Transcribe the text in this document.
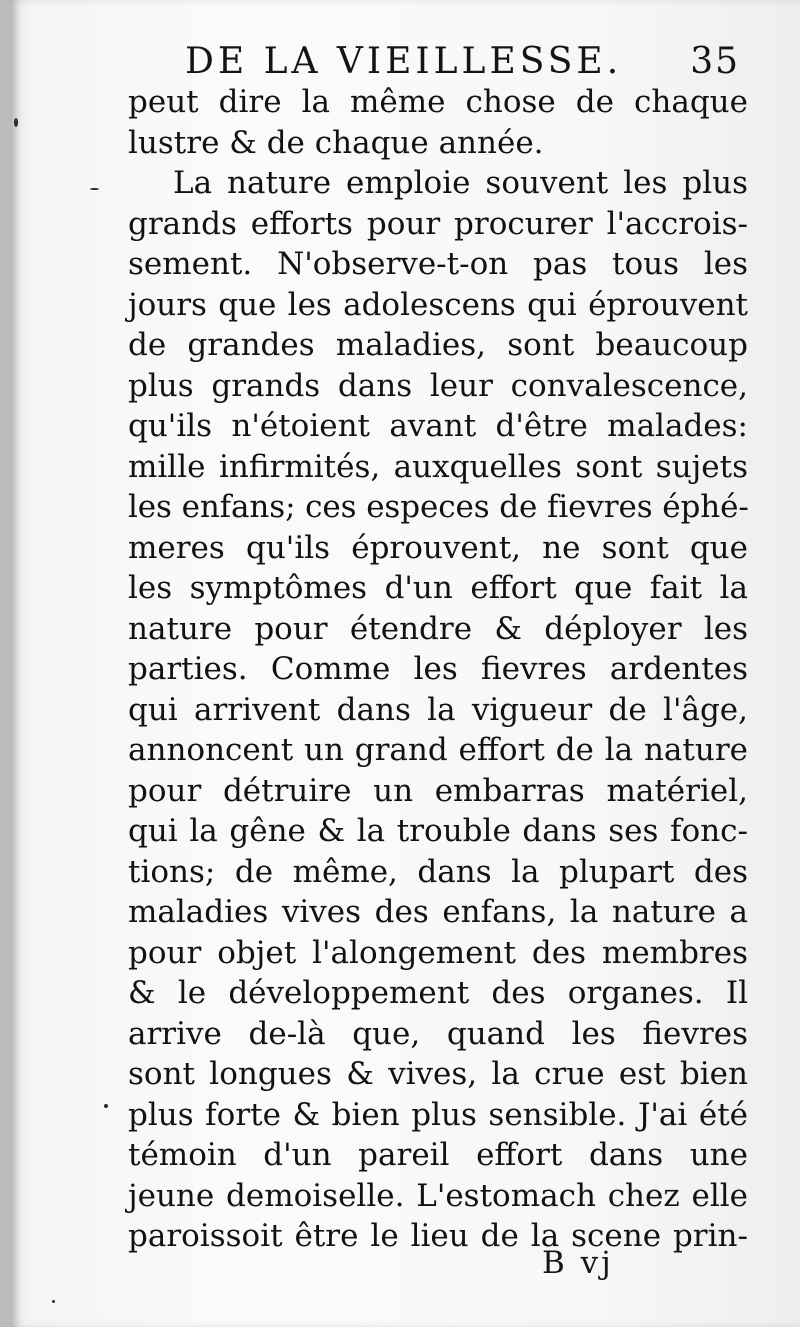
DE LA VIEILLESSE. 35
peut dire la même chose de chaque
lustre & de chaque année.
La nature emploie souvent les plus
grands efforts pour procurer l'accrois-
sement. N'observe-t-on pas tous les
jours que les adolescens qui éprouvent
de grandes maladies, sont beaucoup
plus grands dans leur convalescence,
qu'ils n'étoient avant d'être malades:
mille infirmités, auxquelles sont sujets
les enfans; ces especes de fievres éphé-
meres qu'ils éprouvent, ne sont que
les symptômes d'un effort que fait la
nature pour étendre & déployer les
parties. Comme les fievres ardentes
qui arrivent dans la vigueur de l'âge,
annoncent un grand effort de la nature
pour détruire un embarras matériel,
qui la gêne & la trouble dans ses fonc-
tions; de même, dans la plupart des
maladies vives des enfans, la nature a
pour objet l'alongement des membres
& le développement des organes. Il
arrive de-là que, quand les fievres
sont longues & vives, la crue est bien
plus forte & bien plus sensible. J'ai été
témoin d'un pareil effort dans une
jeune demoiselle. L'estomach chez elle
paroissoit être le lieu de la scene prin-
B vj
